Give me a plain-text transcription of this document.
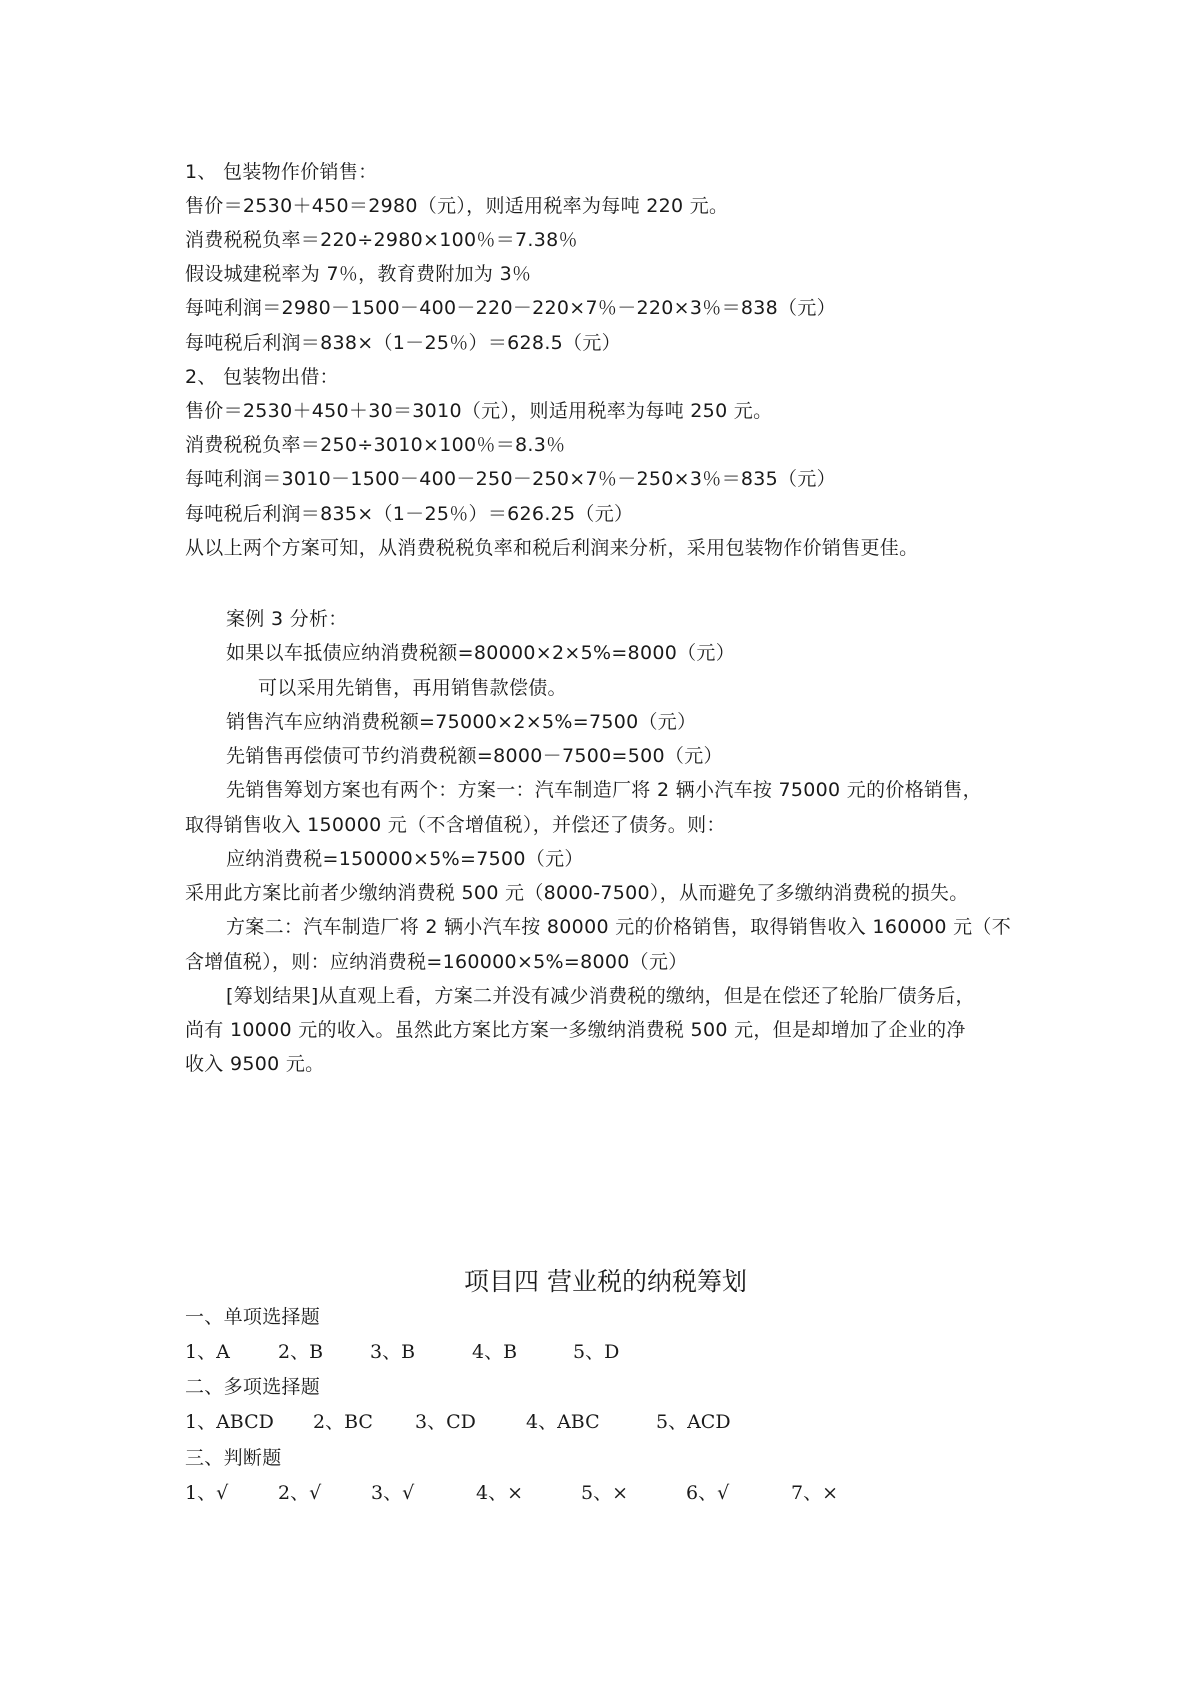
1、 包装物作价销售：
售价＝2530＋450＝2980（元），则适用税率为每吨 220 元。
消费税税负率＝220÷2980×100％＝7.38％
假设城建税率为 7％，教育费附加为 3％
每吨利润＝2980－1500－400－220－220×7％－220×3％＝838（元）
每吨税后利润＝838×（1－25％）＝628.5（元）
2、 包装物出借：
售价＝2530＋450＋30＝3010（元），则适用税率为每吨 250 元。
消费税税负率＝250÷3010×100％＝8.3％
每吨利润＝3010－1500－400－250－250×7％－250×3％＝835（元）
每吨税后利润＝835×（1－25％）＝626.25（元）
从以上两个方案可知，从消费税税负率和税后利润来分析，采用包装物作价销售更佳。
案例 3 分析：
如果以车抵债应纳消费税额=80000×2×5%=8000（元）
可以采用先销售，再用销售款偿债。
销售汽车应纳消费税额=75000×2×5%=7500（元）
先销售再偿债可节约消费税额=8000－7500=500（元）
先销售筹划方案也有两个：方案一：汽车制造厂将 2 辆小汽车按 75000 元的价格销售，
取得销售收入 150000 元（不含增值税），并偿还了债务。则：
应纳消费税=150000×5%=7500（元）
采用此方案比前者少缴纳消费税 500 元（8000-7500），从而避免了多缴纳消费税的损失。
方案二：汽车制造厂将 2 辆小汽车按 80000 元的价格销售，取得销售收入 160000 元（不
含增值税），则：应纳消费税=160000×5%=8000（元）
[筹划结果]从直观上看，方案二并没有减少消费税的缴纳，但是在偿还了轮胎厂债务后，
尚有 10000 元的收入。虽然此方案比方案一多缴纳消费税 500 元，但是却增加了企业的净
收入 9500 元。
项目四 营业税的纳税筹划
一、单项选择题
1、A	2、B 3、B	4、B	5、D
二、多项选择题
1、ABCD 2、BC 3、CD	4、ABC	5、ACD
三、判断题
1、√	2、√	3、√	4、×	5、×	6、√	7、×
